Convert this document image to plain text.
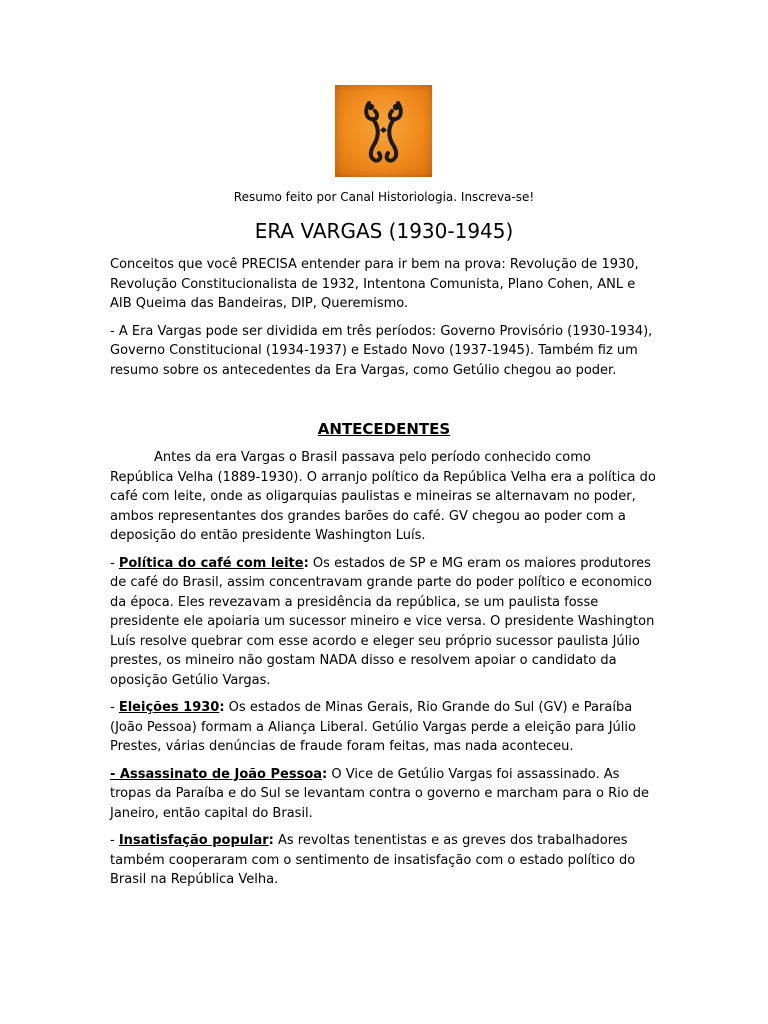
Resumo feito por Canal Historiologia. Inscreva-se!
ERA VARGAS (1930-1945)

Conceitos que você PRECISA entender para ir bem na prova: Revolução de 1930, Revolução Constitucionalista de 1932, Intentona Comunista, Plano Cohen, ANL e AIB Queima das Bandeiras, DIP, Queremismo.

- A Era Vargas pode ser dividida em três períodos: Governo Provisório (1930-1934), Governo Constitucional (1934-1937) e Estado Novo (1937-1945). Também fiz um resumo sobre os antecedentes da Era Vargas, como Getúlio chegou ao poder.

ANTECEDENTES

Antes da era Vargas o Brasil passava pelo período conhecido como República Velha (1889-1930). O arranjo político da República Velha era a política do café com leite, onde as oligarquias paulistas e mineiras se alternavam no poder, ambos representantes dos grandes barões do café. GV chegou ao poder com a deposição do então presidente Washington Luís.

- Política do café com leite: Os estados de SP e MG eram os maiores produtores de café do Brasil, assim concentravam grande parte do poder político e economico da época. Eles revezavam a presidência da república, se um paulista fosse presidente ele apoiaria um sucessor mineiro e vice versa. O presidente Washington Luís resolve quebrar com esse acordo e eleger seu próprio sucessor paulista Júlio prestes, os mineiro não gostam NADA disso e resolvem apoiar o candidato da oposição Getúlio Vargas.

- Eleições 1930: Os estados de Minas Gerais, Rio Grande do Sul (GV) e Paraíba (João Pessoa) formam a Aliança Liberal. Getúlio Vargas perde a eleição para Júlio Prestes, várias denúncias de fraude foram feitas, mas nada aconteceu.

- Assassinato de João Pessoa: O Vice de Getúlio Vargas foi assassinado. As tropas da Paraíba e do Sul se levantam contra o governo e marcham para o Rio de Janeiro, então capital do Brasil.

- Insatisfação popular: As revoltas tenentistas e as greves dos trabalhadores também cooperaram com o sentimento de insatisfação com o estado político do Brasil na República Velha.
